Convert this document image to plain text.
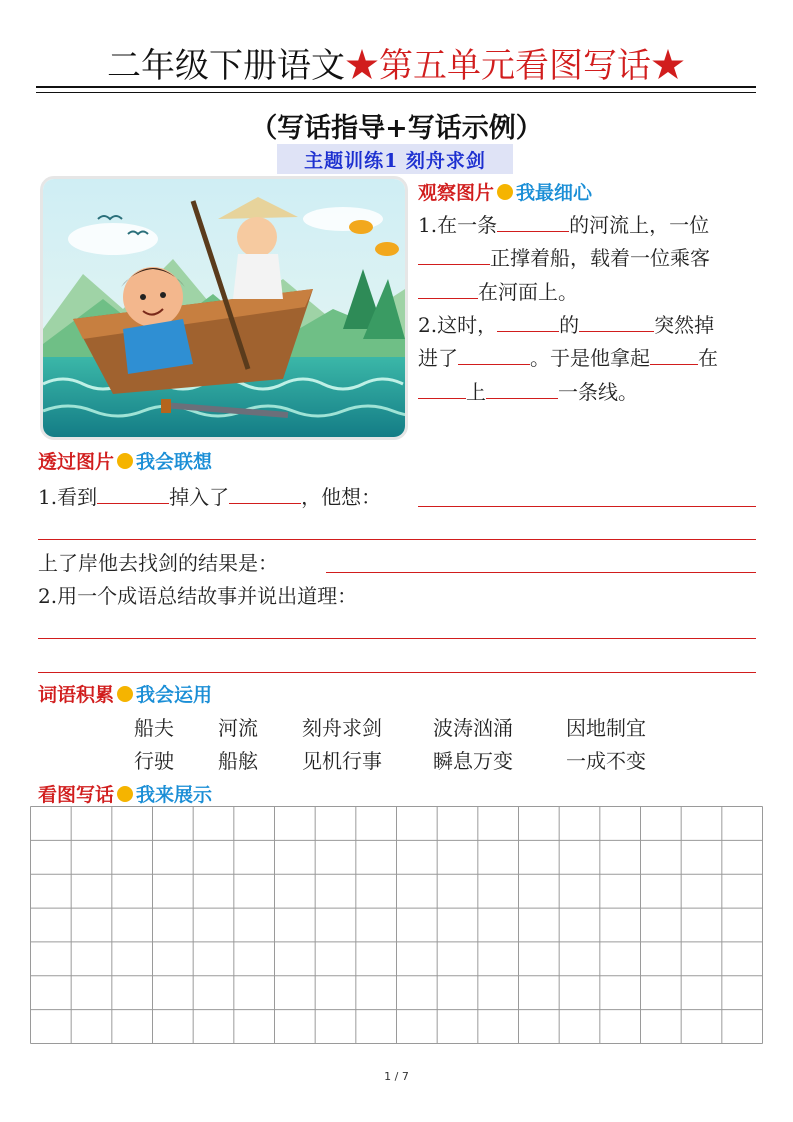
二年级下册语文★第五单元看图写话★
（写话指导+写话示例）
主题训练1 刻舟求剑
观察图片 我最细心
1.在一条	的河流上，一位
正撑着船，载着一位乘客
在河面上。
2.这时，	的	突然掉
进了	。于是他拿起 在
上	一条线。
透过图片 我会联想
1.看到	掉入了	，他想：
上了岸他去找剑的结果是：
2.用一个成语总结故事并说出道理：
词语积累 我会运用
船夫 河流 刻舟求剑	波涛汹涌	因地制宜
行驶 船舷 见机行事	瞬息万变	一成不变
看图写话 我来展示
1 / 7
